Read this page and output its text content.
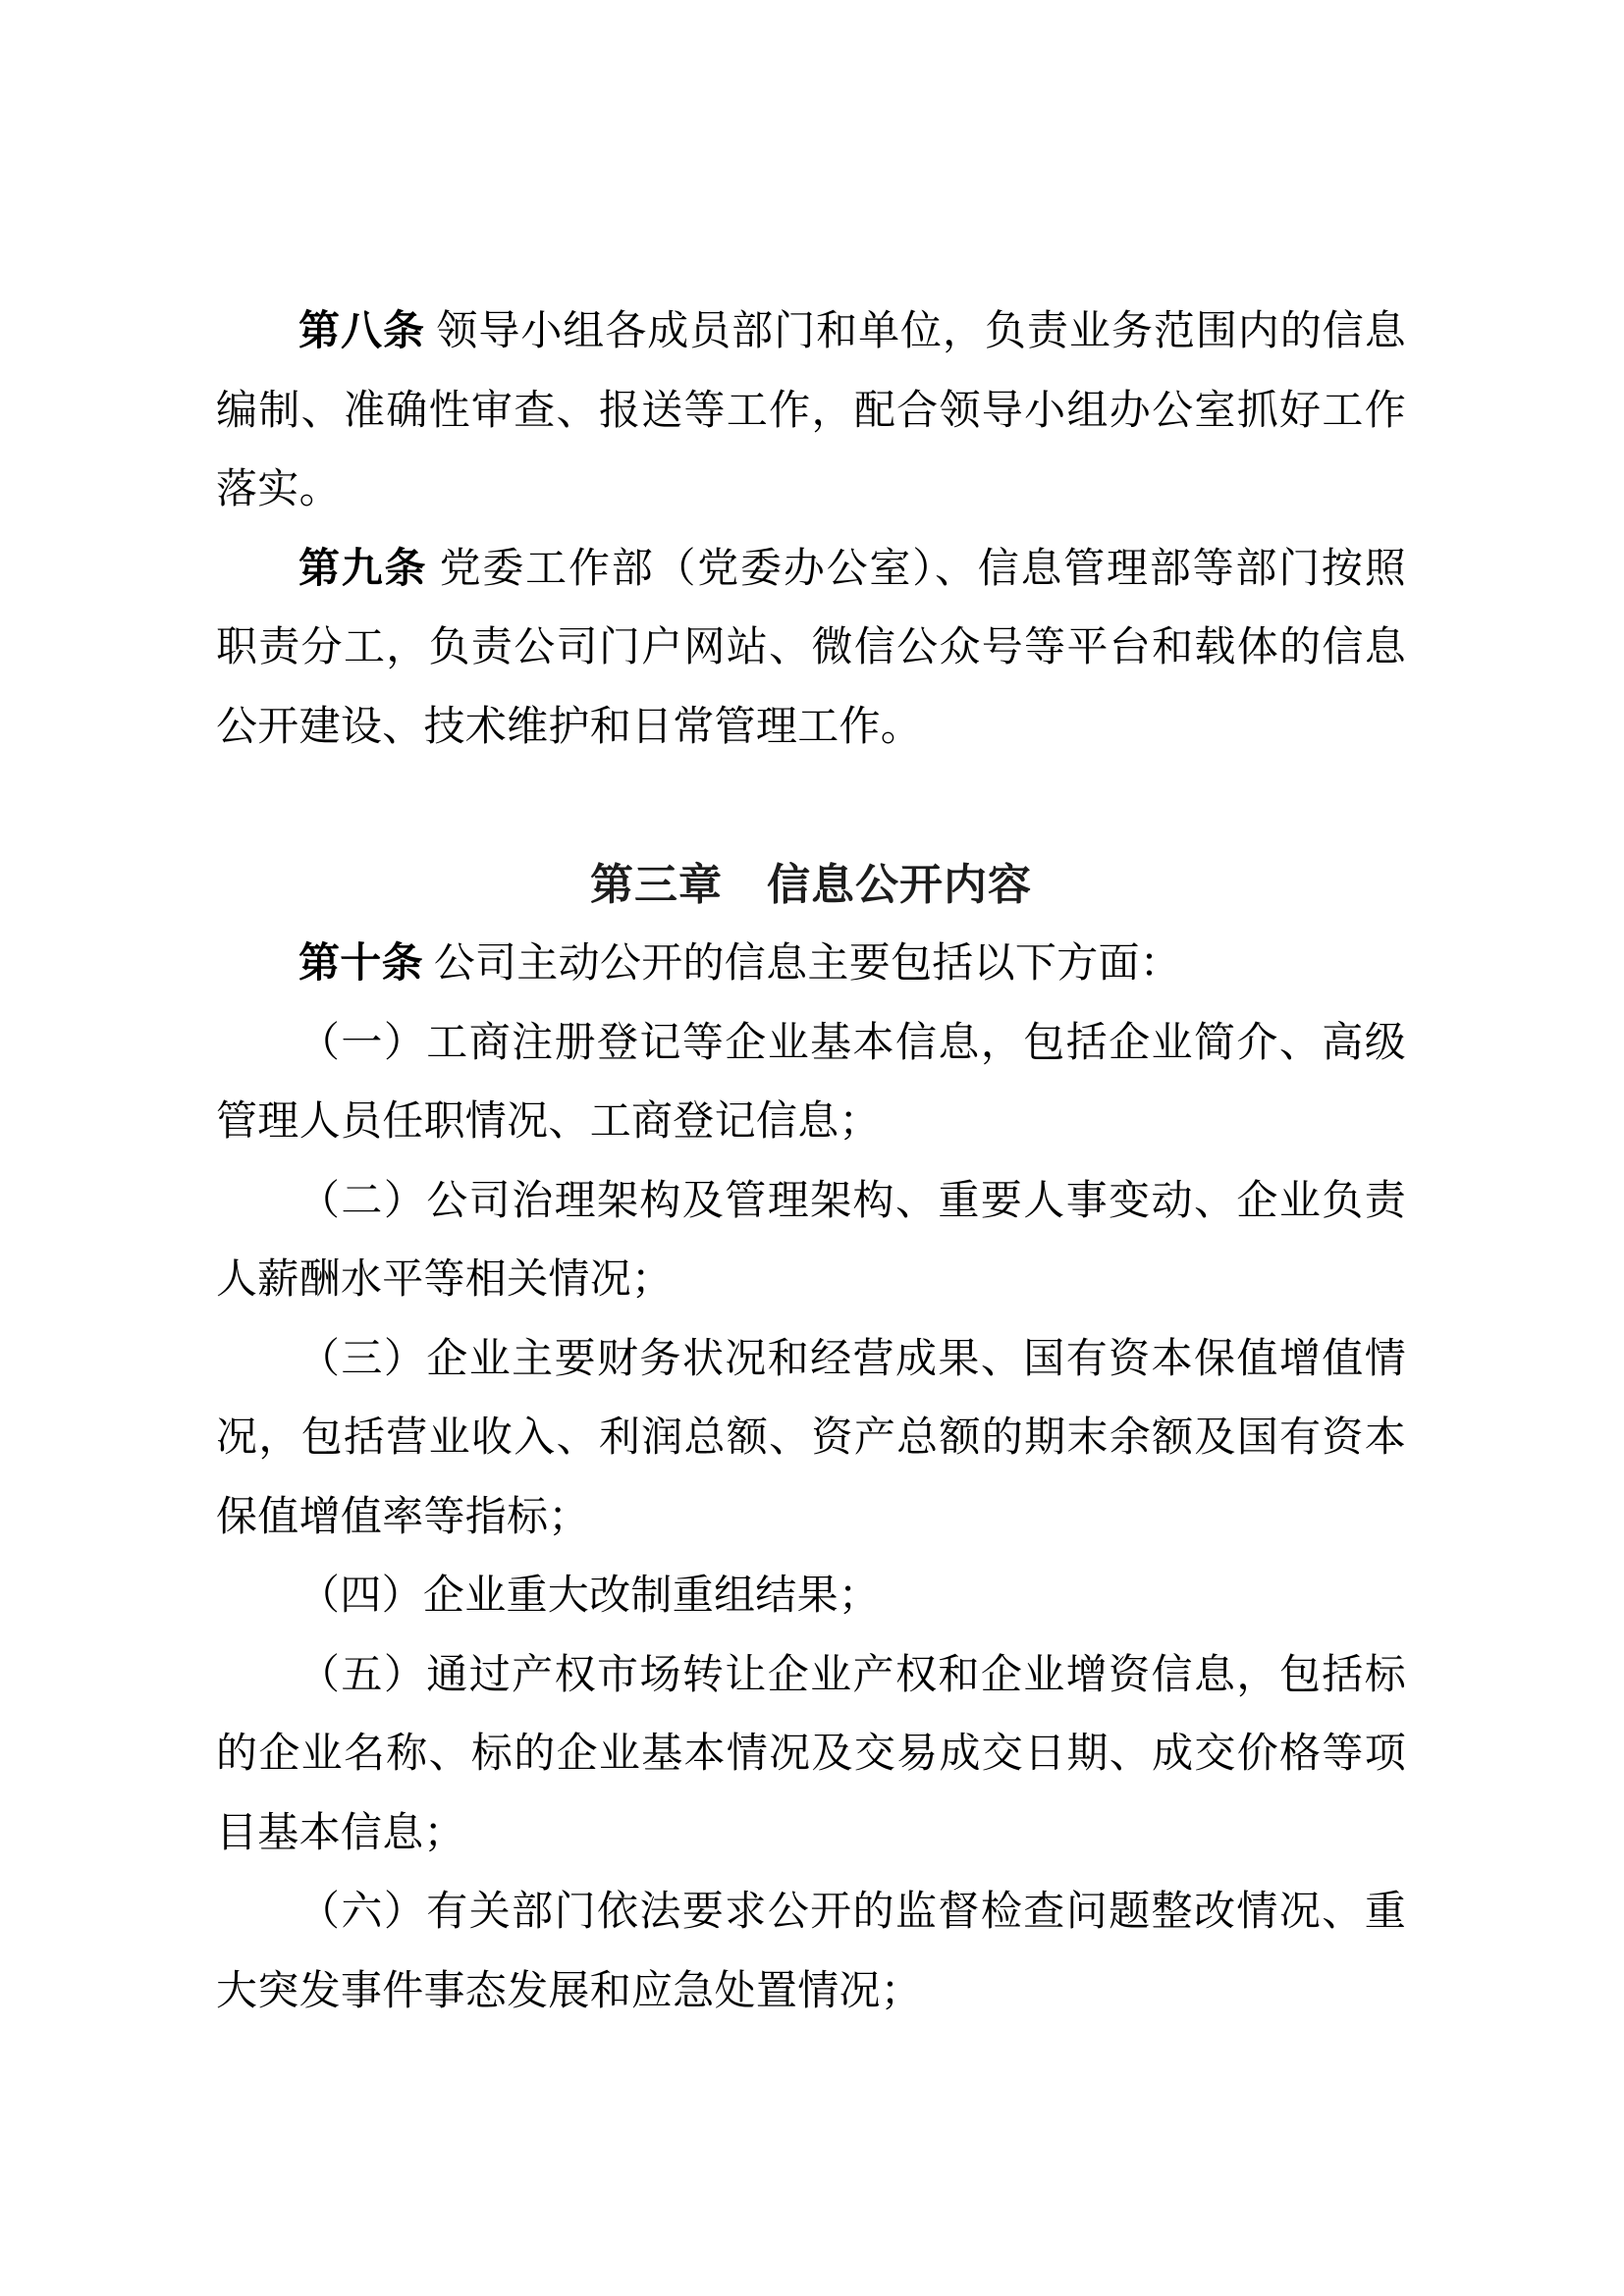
第八条 领导小组各成员部门和单位，负责业务范围内的信息
编制、准确性审查、报送等工作，配合领导小组办公室抓好工作
落实。
第九条 党委工作部（党委办公室）、信息管理部等部门按照
职责分工，负责公司门户网站、微信公众号等平台和载体的信息
公开建设、技术维护和日常管理工作。
第三章　信息公开内容
第十条 公司主动公开的信息主要包括以下方面：
（一）工商注册登记等企业基本信息，包括企业简介、高级
管理人员任职情况、工商登记信息；
（二）公司治理架构及管理架构、重要人事变动、企业负责
人薪酬水平等相关情况；
（三）企业主要财务状况和经营成果、国有资本保值增值情
况，包括营业收入、利润总额、资产总额的期末余额及国有资本
保值增值率等指标；
（四）企业重大改制重组结果；
（五）通过产权市场转让企业产权和企业增资信息，包括标
的企业名称、标的企业基本情况及交易成交日期、成交价格等项
目基本信息；
（六）有关部门依法要求公开的监督检查问题整改情况、重
大突发事件事态发展和应急处置情况；
